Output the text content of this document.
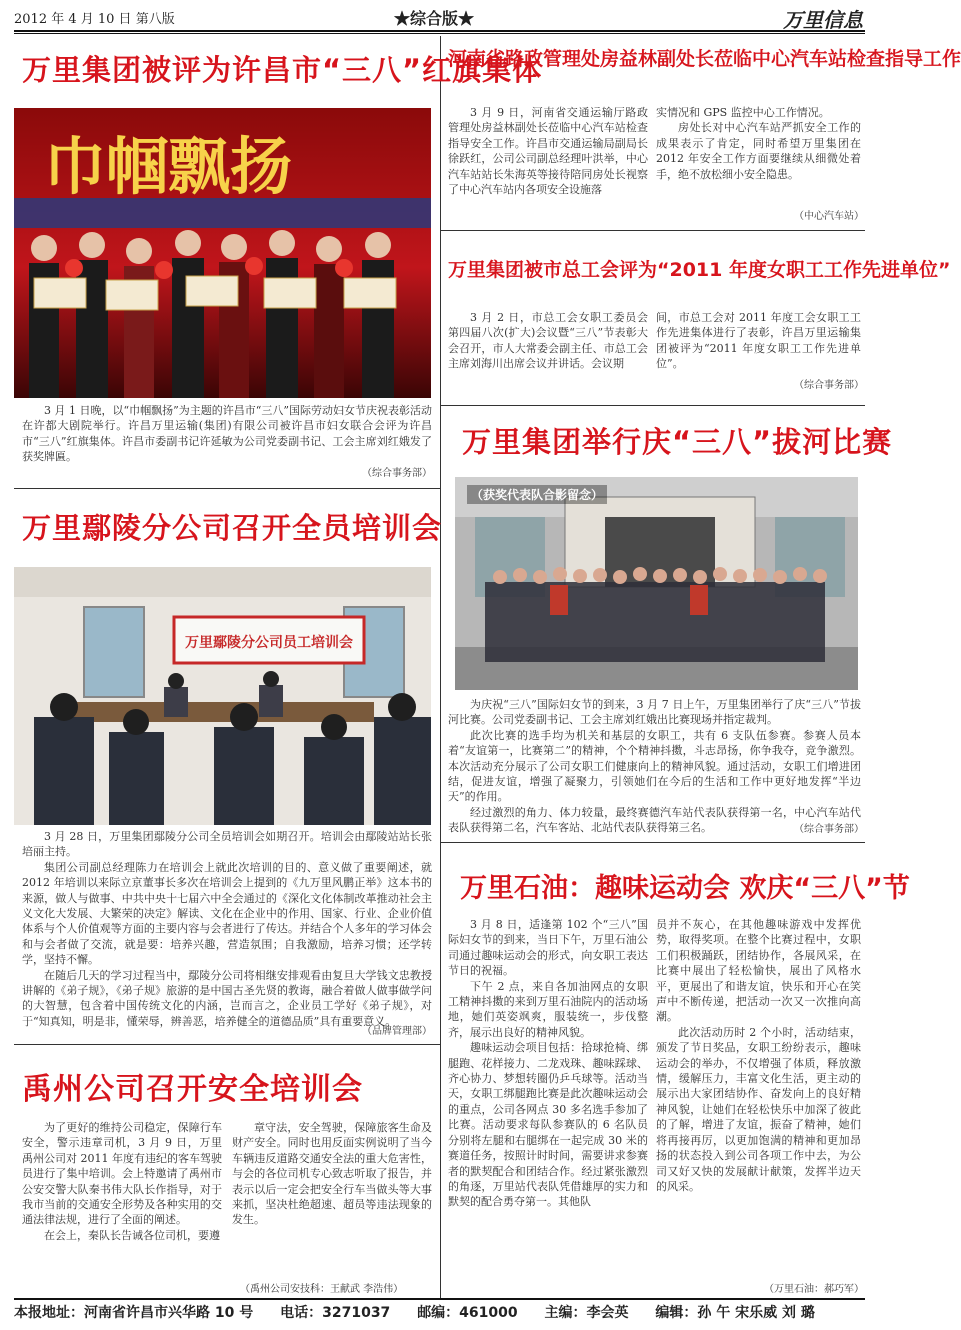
2012 年 4 月 10 日 第八版	★综合版★	万里信息
万里集团被评为许昌市“三八”红旗集体
巾帼飘扬

3 月 1 日晚，以“巾帼飘扬”为主题的许昌市“三八”国际劳动妇女节庆祝表彰活动在许都大剧院举行。许昌万里运输(集团)有限公司被许昌市妇女联合会评为许昌市“三八”红旗集体。许昌市委副书记许延敏为公司党委副书记、工会主席刘红娥发了获奖牌匾。

（综合事务部）
万里鄢陵分公司召开全员培训会
万里鄢陵分公司员工培训会

3 月 28 日，万里集团鄢陵分公司全员培训会如期召开。培训会由鄢陵站站长张培丽主持。

集团公司副总经理陈力在培训会上就此次培训的目的、意义做了重要阐述，就 2012 年培训以来际立京董事长多次在培训会上提到的《九万里风鹏正举》这本书的来源，做人与做事、中共中央十七届六中全会通过的《深化文化体制改革推动社会主义文化大发展、大繁荣的决定》解读、文化在企业中的作用、国家、行业、企业价值体系与个人价值观等方面的主要内容与会者进行了传达。并结合个人多年的学习体会和与会者做了交流，就是要：培养兴趣，营造氛围；自我激励，培养习惯；还学转学，坚持不懈。

在随后几天的学习过程当中，鄢陵分公司将相继安排观看由复旦大学钱文忠教授讲解的《弟子规》，《弟子规》旅游的是中国古圣先贤的教诲，融合着做人做事做学问的大智慧，包含着中国传统文化的内涵，岂而言之，企业员工学好《弟子规》，对于“知真知，明是非，懂荣辱，辨善恶，培养健全的道德品质”具有重要意义。

（品牌管理部）
禹州公司召开安全培训会

为了更好的维持公司稳定，保障行车安全，警示违章司机，3 月 9 日，万里禹州公司对 2011 年度有违纪的客车驾驶员进行了集中培训。会上特邀请了禹州市公安交警大队秦书伟大队长作指导，对于我市当前的交通安全形势及各种实用的交通法律法规，进行了全面的阐述。

在会上，秦队长告诫各位司机，要遵

章守法，安全驾驶，保障旅客生命及财产安全。同时也用反面实例说明了当今车辆违反道路交通安全法的重大危害性，与会的各位司机专心致志听取了报告，并表示以后一定会把安全行车当做头等大事来抓，坚决杜绝超速、超员等违法现象的发生。

（禹州公司安技科：王献武 李浩伟）
河南省路政管理处房益林副处长莅临中心汽车站检查指导工作

3 月 9 日，河南省交通运输厅路政管理处房益林副处长莅临中心汽车站检查指导安全工作。许昌市交通运输局副局长徐跃红，公司公司副总经理叶洪举，中心汽车站站长朱海英等接待陪同房处长视察了中心汽车站内各项安全设施落

实情况和 GPS 监控中心工作情况。

房处长对中心汽车站严抓安全工作的成果表示了肯定，同时希望万里集团在 2012 年安全工作方面要继续从细微处着手，绝不放松细小安全隐患。

（中心汽车站）
万里集团被市总工会评为“2011 年度女职工工作先进单位”

3 月 2 日，市总工会女职工委员会第四届八次(扩大)会议暨“三八”节表彰大会召开，市人大常委会副主任、市总工会主席刘海川出席会议并讲话。会议期

间，市总工会对 2011 年度工会女职工工作先进集体进行了表彰，许昌万里运输集团被评为“2011 年度女职工工作先进单位”。

（综合事务部）
万里集团举行庆“三八”拔河比赛
（获奖代表队合影留念）

为庆祝“三八”国际妇女节的到来，3 月 7 日上午，万里集团举行了庆“三八”节拔河比赛。公司党委副书记、工会主席刘红娥出比赛现场并指定裁判。

此次比赛的选手均为机关和基层的女职工，共有 6 支队伍参赛。参赛人员本着“友谊第一，比赛第二”的精神，个个精神抖擞，斗志昂扬，你争我夺，竞争激烈。本次活动充分展示了公司女职工们健康向上的精神风貌。通过活动，女职工们增进团结，促进友谊，增强了凝聚力，引领她们在今后的生活和工作中更好地发挥“半边天”的作用。

经过激烈的角力、体力较量，最终赛德汽车站代表队获得第一名，中心汽车站代表队获得第二名，汽车客站、北站代表队获得第三名。	（综合事务部）
万里石油：趣味运动会 欢庆“三八”节

3 月 8 日，适逢第 102 个“三八”国际妇女节的到来，当日下午，万里石油公司通过趣味运动会的形式，向女职工表达节日的祝福。

下午 2 点，来自各加油网点的女职工精神抖擞的来到万里石油院内的活动场地，她们英姿飒爽，服装统一，步伐整齐，展示出良好的精神风貌。

趣味运动会项目包括：拾球抢椅、绑腿跑、花样接力、二龙戏珠、趣味踩球、齐心协力、梦想转圈仍乒乓球等。活动当天，女职工绑腿跑比赛是此次趣味运动会的重点，公司各网点 30 多名选手参加了比赛。活动要求每队参赛队的 6 名队员分别将左腿和右腿绑在一起完成 30 米的赛道任务，按照计时时间，需要讲求参赛者的默契配合和团结合作。经过紧张激烈的角逐，万里站代表队凭借雄厚的实力和默契的配合勇夺第一。其他队

员并不灰心，在其他趣味游戏中发挥优势，取得奖项。在整个比赛过程中，女职工们积极踊跃，团结协作，各展风采，在比赛中展出了轻松愉快，展出了风格水平，更展出了和谐友谊，快乐和开心在笑声中不断传递，把活动一次又一次推向高潮。

此次活动历时 2 个小时，活动结束，颁发了节日奖品，女职工纷纷表示，趣味运动会的举办，不仅增强了体质，释放激情，缓解压力，丰富文化生活，更主动的展示出大家团结协作、奋发向上的良好精神风貌，让她们在轻松快乐中加深了彼此的了解，增进了友谊，振奋了精神，她们将再接再厉，以更加饱满的精神和更加昂扬的状态投入到公司各项工作中去，为公司又好又快的发展献计献策，发挥半边天的风采。

（万里石油：郝巧军）
本报地址：河南省许昌市兴华路 10 号 电话：3271037 邮编：461000 主编：李会英 编辑：孙 午 宋乐威 刘 璐
